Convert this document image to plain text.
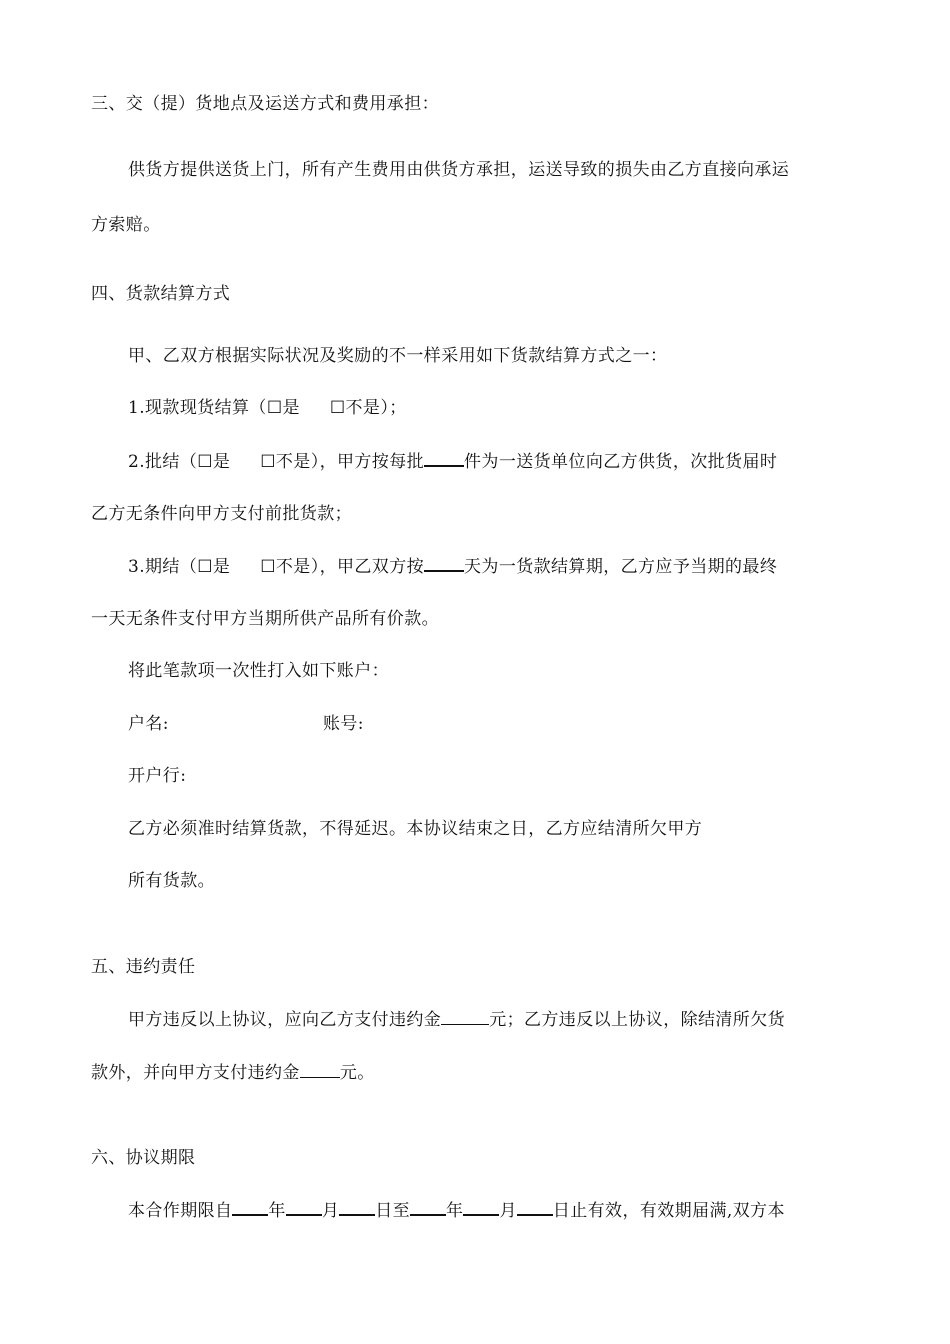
三、交（提）货地点及运送方式和费用承担：
供货方提供送货上门，所有产生费用由供货方承担，运送导致的损失由乙方直接向承运
方索赔。
四、货款结算方式
甲、乙双方根据实际状况及奖励的不一样采用如下货款结算方式之一：
1.现款现货结算（☐是 ☐不是）；
2.批结（☐是 ☐不是），甲方按每批 件为一送货单位向乙方供货，次批货届时
乙方无条件向甲方支付前批货款；
3.期结（☐是 ☐不是），甲乙双方按 天为一货款结算期，乙方应予当期的最终
一天无条件支付甲方当期所供产品所有价款。
将此笔款项一次性打入如下账户：
户名:	账号:
开户行:
乙方必须准时结算货款，不得延迟。本协议结束之日，乙方应结清所欠甲方
所有货款。
五、违约责任
甲方违反以上协议，应向乙方支付违约金	元；乙方违反以上协议，除结清所欠货
款外，并向甲方支付违约金 元。
六、协议期限
本合作期限自 年 月 日至 年 月 日止有效，有效期届满,双方本
